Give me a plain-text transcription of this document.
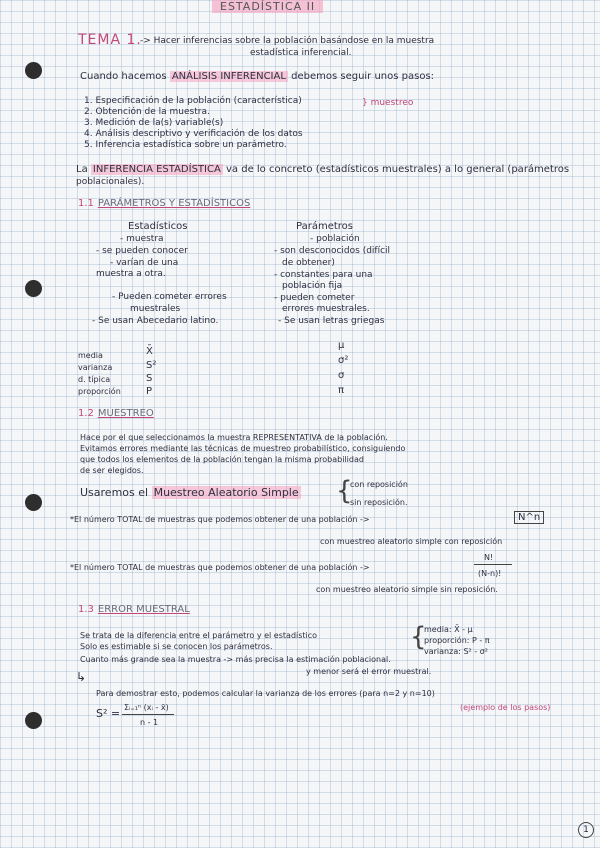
ESTADÍSTICA II
TEMA 1.
-> Hacer inferencias sobre la población basándose en la muestra
estadística inferencial.
Cuando hacemos ANÁLISIS INFERENCIAL debemos seguir unos pasos:
1. Especificación de la población (característica)
2. Obtención de la muestra.
3. Medición de la(s) variable(s)
4. Análisis descriptivo y verificación de los datos
5. Inferencia estadística sobre un parámetro.
} muestreo
La INFERENCIA ESTADÍSTICA va de lo concreto (estadísticos muestrales) a lo general (parámetros
poblacionales).
1.1 PARÁMETROS Y ESTADÍSTICOS
Estadísticos
- muestra
- se pueden conocer
- varían de una
muestra a otra.
- Pueden cometer errores
muestrales
- Se usan Abecedario latino.
Parámetros
- población
- son desconocidos (difícil
de obtener)
- constantes para una
población fija
- pueden cometer
errores muestrales.
- Se usan letras griegas
media
varianza
d. típica
proporción
X̄
S²
S
P
μ
σ²
σ
π
1.2 MUESTREO
Hace por el que seleccionamos la muestra REPRESENTATIVA de la población.
Evitamos errores mediante las técnicas de muestreo probabilístico, consiguiendo
que todos los elementos de la población tengan la misma probabilidad
de ser elegidos.
Usaremos el Muestreo Aleatorio Simple {
con reposición
sin reposición.
*El número TOTAL de muestras que podemos obtener de una población ->	N^n
con muestreo aleatorio simple con reposición
*El número TOTAL de muestras que podemos obtener de una población ->
N!
(N-n)!
con muestreo aleatorio simple sin reposición.
1.3 ERROR MUESTRAL
Se trata de la diferencia entre el parámetro y el estadístico
Solo es estimable si se conocen los parámetros.
Cuanto más grande sea la muestra -> más precisa la estimación poblacional.
y menor será el error muestral.
{
media: X̄ - μ
proporción: P - π
varianza: S² - σ²
↳
Para demostrar esto, podemos calcular la varianza de los errores (para n=2 y n=10)
(ejemplo de los pasos)
S² = Σᵢ₌₁ⁿ (xᵢ - x̄)
n - 1
1
